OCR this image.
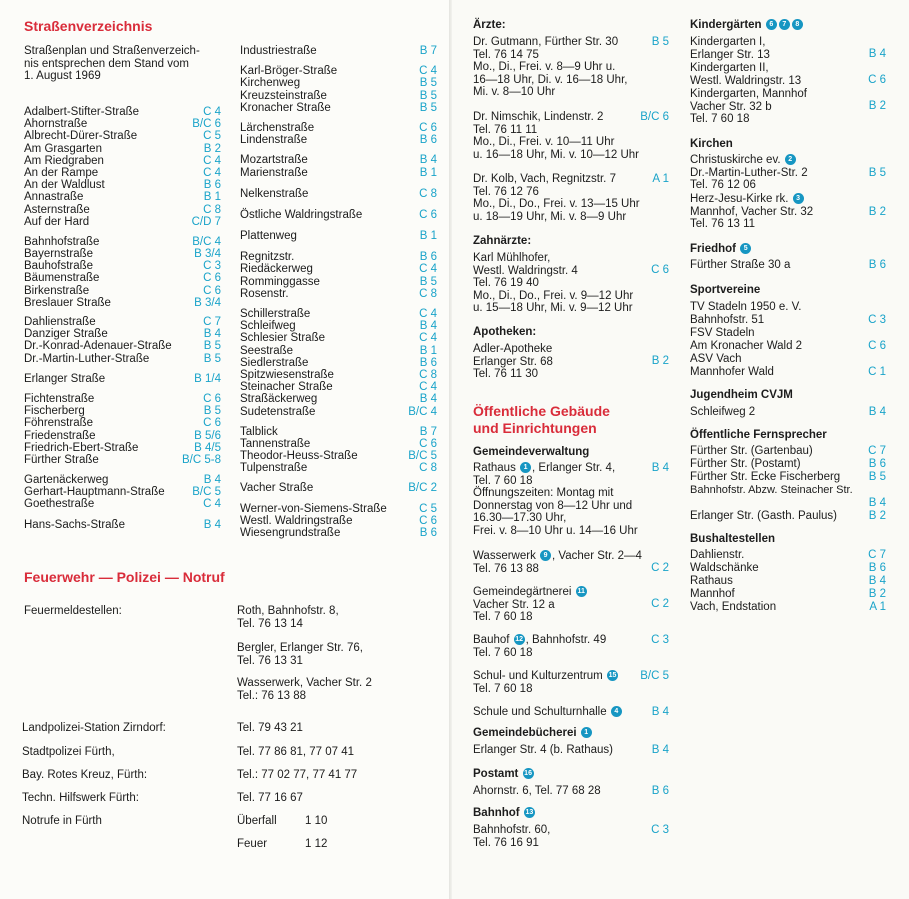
Straßenverzeichnis
Straßenplan und Straßenverzeich-
nis entsprechen dem Stand vom
1. August 1969
Adalbert-Stifter-Straße	C 4
Ahornstraße	B/C 6
Albrecht-Dürer-Straße	C 5
Am Grasgarten	B 2
Am Riedgraben	C 4
An der Rampe	C 4
An der Waldlust	B 6
Annastraße	B 1
Asternstraße	C 8
Auf der Hard	C/D 7
Bahnhofstraße	B/C 4
Bayernstraße	B 3/4
Bauhofstraße	C 3
Bäumenstraße	C 6
Birkenstraße	C 6
Breslauer Straße	B 3/4
Dahlienstraße	C 7
Danziger Straße	B 4
Dr.-Konrad-Adenauer-Straße	B 5
Dr.-Martin-Luther-Straße	B 5
Erlanger Straße	B 1/4
Fichtenstraße	C 6
Fischerberg	B 5
Föhrenstraße	C 6
Friedenstraße	B 5/6
Friedrich-Ebert-Straße	B 4/5
Fürther Straße	B/C 5-8
Gartenäckerweg	B 4
Gerhart-Hauptmann-Straße B/C 5
Goethestraße	C 4
Hans-Sachs-Straße	B 4
Industriestraße	B 7
Karl-Bröger-Straße	C 4
Kirchenweg	B 5
Kreuzsteinstraße	B 5
Kronacher Straße	B 5
Lärchenstraße	C 6
Lindenstraße	B 6
Mozartstraße	B 4
Marienstraße	B 1
Nelkenstraße	C 8
Östliche Waldringstraße	C 6
Plattenweg	B 1
Regnitzstr.	B 6
Riedäckerweg	C 4
Romminggasse	B 5
Rosenstr.	C 8
Schillerstraße	C 4
Schleifweg	B 4
Schlesier Straße	C 4
Seestraße	B 1
Siedlerstraße	B 6
Spitzwiesenstraße	C 8
Steinacher Straße	C 4
Straßäckerweg	B 4
Sudetenstraße	B/C 4
Talblick	B 7
Tannenstraße	C 6
Theodor-Heuss-Straße	B/C 5
Tulpenstraße	C 8
Vacher Straße	B/C 2
Werner-von-Siemens-Straße	C 5
Westl. Waldringstraße	C 6
Wiesengrundstraße	B 6
Feuerwehr — Polizei — Notruf
Feuermeldestellen:	Roth, Bahnhofstr. 8,
Tel. 76 13 14
Bergler, Erlanger Str. 76,
Tel. 76 13 31
Wasserwerk, Vacher Str. 2
Tel.: 76 13 88
Landpolizei-Station Zirndorf:	Tel. 79 43 21
Stadtpolizei Fürth,	Tel. 77 86 81, 77 07 41
Bay. Rotes Kreuz, Fürth:	Tel.: 77 02 77, 77 41 77
Techn. Hilfswerk Fürth:	Tel. 77 16 67
Notrufe in Fürth	Überfall 1 10
Feuer	1 12
Ärzte:
Dr. Gutmann, Fürther Str. 30
Tel. 76 14 75
Mo., Di., Frei. v. 8—9 Uhr u.
16—18 Uhr, Di. v. 16—18 Uhr,
Mi. v. 8—10 Uhr
B 5
Dr. Nimschik, Lindenstr. 2
Tel. 76 11 11
Mo., Di., Frei. v. 10—11 Uhr
u. 16—18 Uhr, Mi. v. 10—12 Uhr
B/C 6
Dr. Kolb, Vach, Regnitzstr. 7
Tel. 76 12 76
Mo., Di., Do., Frei. v. 13—15 Uhr
u. 18—19 Uhr, Mi. v. 8—9 Uhr
A 1
Zahnärzte:
Karl Mühlhofer,
Westl. Waldringstr. 4
Tel. 76 19 40
Mo., Di., Do., Frei. v. 9—12 Uhr
u. 15—18 Uhr, Mi. v. 9—12 Uhr
C 6
Apotheken:
Adler-Apotheke
Erlanger Str. 68
Tel. 76 11 30
B 2
Öffentliche Gebäude
und Einrichtungen
Gemeindeverwaltung
Rathaus 1 , Erlanger Str. 4,
Tel. 7 60 18
Öffnungszeiten: Montag mit
Donnerstag von 8—12 Uhr und
16.30—17.30 Uhr,
Frei. v. 8—10 Uhr u. 14—16 Uhr
B 4
Wasserwerk 9 , Vacher Str. 2—4
Tel. 76 13 88	C 2
Gemeindegärtnerei 11
Vacher Str. 12 a
Tel. 7 60 18
C 2
Bauhof 12 , Bahnhofstr. 49
Tel. 7 60 18
C 3
Schul- und Kulturzentrum 15
Tel. 7 60 18
B/C 5
Schule und Schulturnhalle 4	B 4
Gemeindebücherei 1
Erlanger Str. 4 (b. Rathaus)	B 4
Postamt 16
Ahornstr. 6, Tel. 77 68 28	B 6
Bahnhof 13
Bahnhofstr. 60,
Tel. 76 16 91
C 3
Kindergärten 6 7 8
Kindergarten I,
Erlanger Str. 13	B 4
Kindergarten II,
Westl. Waldringstr. 13	C 6
Kindergarten, Mannhof
Vacher Str. 32 b
Tel. 7 60 18
B 2
Kirchen
Christuskirche ev. 2
Dr.-Martin-Luther-Str. 2
Tel. 76 12 06
B 5
Herz-Jesu-Kirke rk. 3
Mannhof, Vacher Str. 32
Tel. 76 13 11
B 2
Friedhof 5
Fürther Straße 30 a	B 6
Sportvereine
TV Stadeln 1950 e. V.
Bahnhofstr. 51	C 3
FSV Stadeln
Am Kronacher Wald 2	C 6
ASV Vach
Mannhofer Wald	C 1
Jugendheim CVJM
Schleifweg 2	B 4
Öffentliche Fernsprecher
Fürther Str. (Gartenbau)	C 7
Fürther Str. (Postamt)	B 6
Fürther Str. Ecke Fischerberg	B 5
Bahnhofstr. Abzw. Steinacher Str.
B 4
Erlanger Str. (Gasth. Paulus)	B 2
Bushaltestellen
Dahlienstr.	C 7
Waldschänke	B 6
Rathaus	B 4
Mannhof	B 2
Vach, Endstation	A 1
